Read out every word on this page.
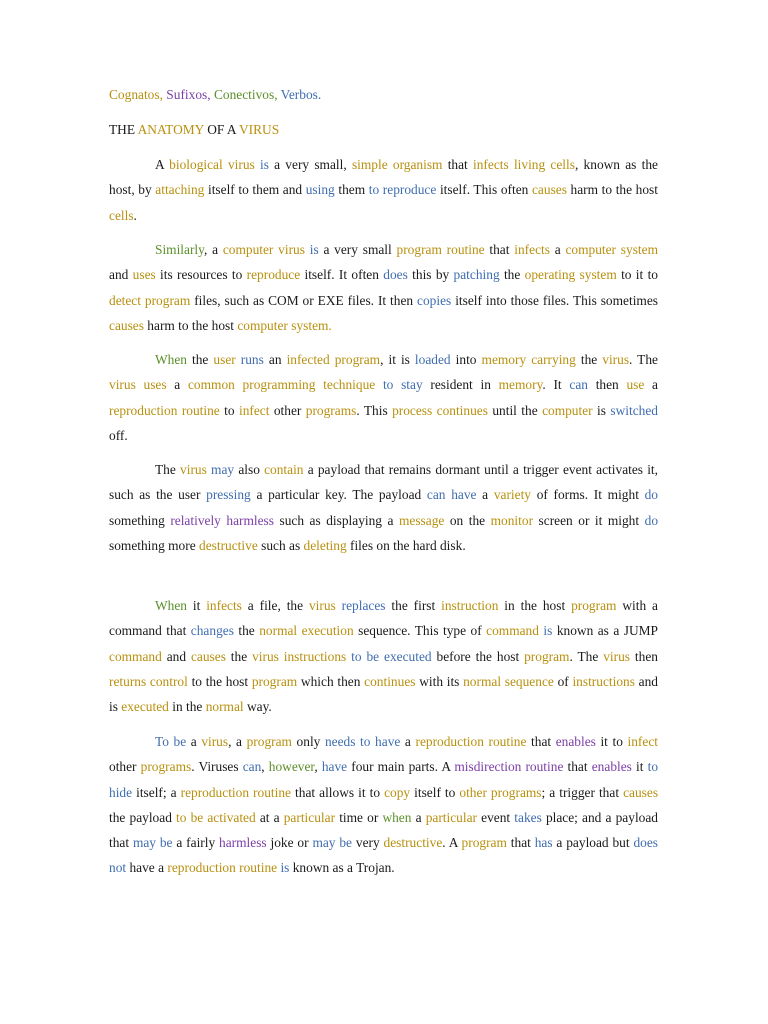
Cognatos, Sufixos, Conectivos, Verbos.
THE ANATOMY OF A VIRUS
A biological virus is a very small, simple organism that infects living cells, known as the host, by attaching itself to them and using them to reproduce itself. This often causes harm to the host cells.
Similarly, a computer virus is a very small program routine that infects a computer system and uses its resources to reproduce itself. It often does this by patching the operating system to it to detect program files, such as COM or EXE files. It then copies itself into those files. This sometimes causes harm to the host computer system.
When the user runs an infected program, it is loaded into memory carrying the virus. The virus uses a common programming technique to stay resident in memory. It can then use a reproduction routine to infect other programs. This process continues until the computer is switched off.
The virus may also contain a payload that remains dormant until a trigger event activates it, such as the user pressing a particular key. The payload can have a variety of forms. It might do something relatively harmless such as displaying a message on the monitor screen or it might do something more destructive such as deleting files on the hard disk.
When it infects a file, the virus replaces the first instruction in the host program with a command that changes the normal execution sequence. This type of command is known as a JUMP command and causes the virus instructions to be executed before the host program. The virus then returns control to the host program which then continues with its normal sequence of instructions and is executed in the normal way.
To be a virus, a program only needs to have a reproduction routine that enables it to infect other programs. Viruses can, however, have four main parts. A misdirection routine that enables it to hide itself; a reproduction routine that allows it to copy itself to other programs; a trigger that causes the payload to be activated at a particular time or when a particular event takes place; and a payload that may be a fairly harmless joke or may be very destructive. A program that has a payload but does not have a reproduction routine is known as a Trojan.
